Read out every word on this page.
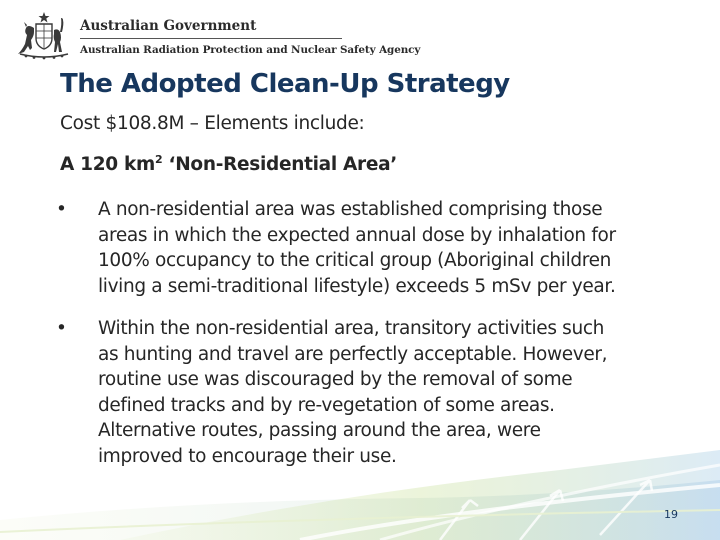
Australian Government
Australian Radiation Protection and Nuclear Safety Agency
The Adopted Clean-Up Strategy
Cost $108.8M – Elements include:
A 120 $km^2$ ‘Non-Residential Area’
• A non-residential area was established comprising those
areas in which the expected annual dose by inhalation for
100% occupancy to the critical group (Aboriginal children
living a semi-traditional lifestyle) exceeds 5 mSv per year.
• Within the non-residential area, transitory activities such
as hunting and travel are perfectly acceptable. However,
routine use was discouraged by the removal of some
defined tracks and by re-vegetation of some areas.
Alternative routes, passing around the area, were
improved to encourage their use.
19
